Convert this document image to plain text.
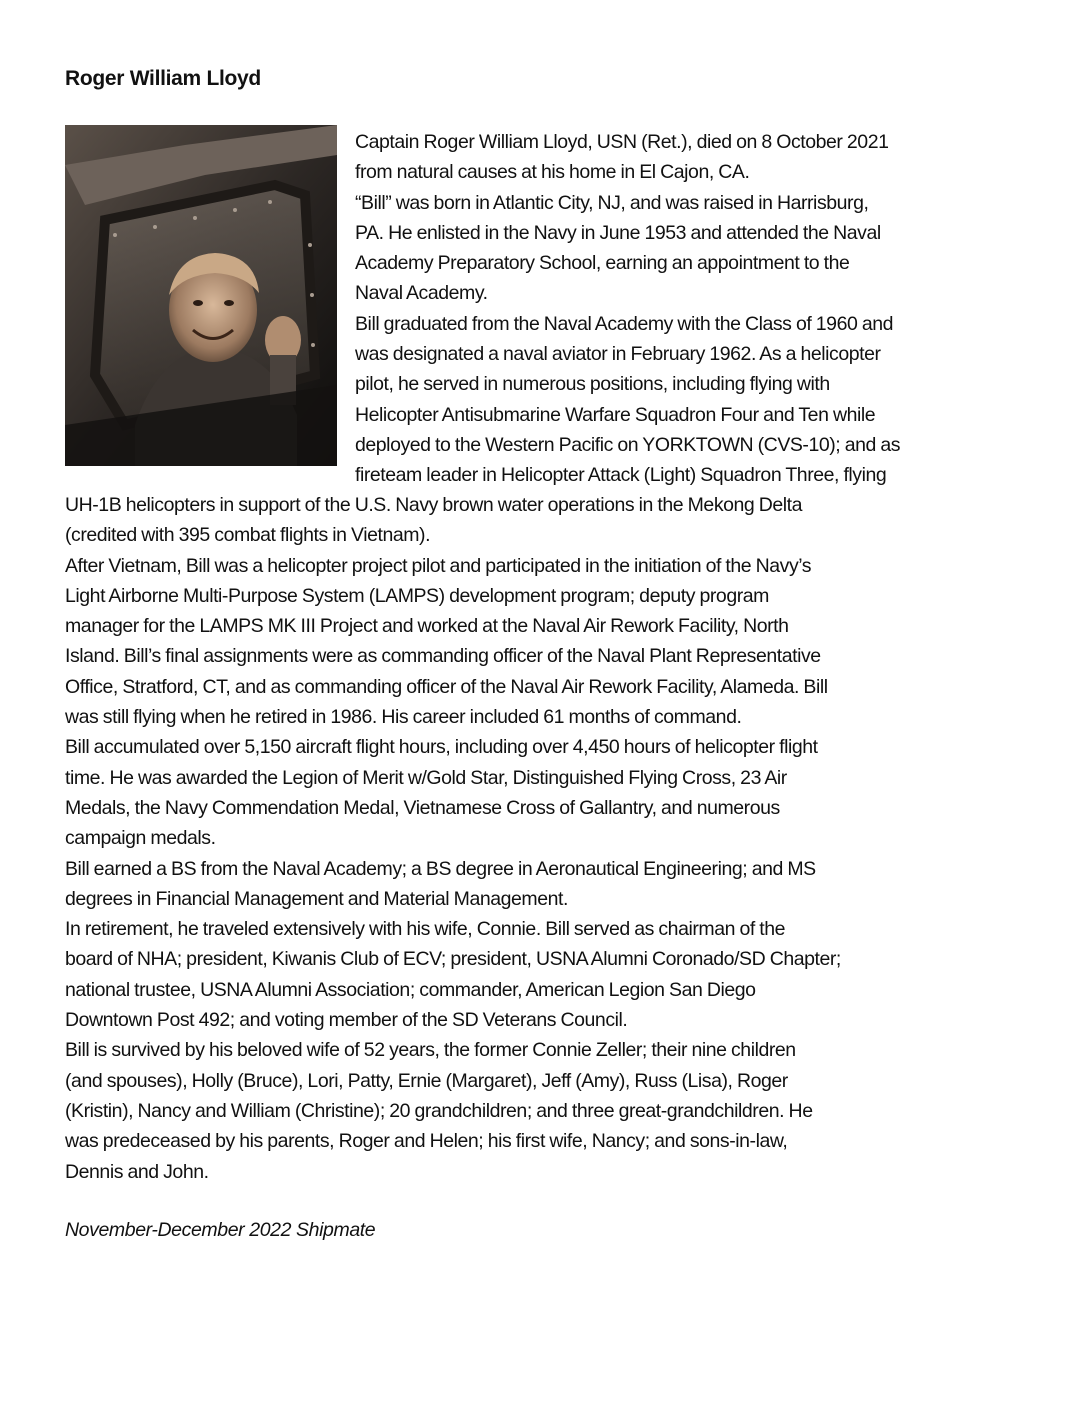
Roger William Lloyd

Captain Roger William Lloyd, USN (Ret.), died on 8 October 2021
from natural causes at his home in El Cajon, CA.
“Bill” was born in Atlantic City, NJ, and was raised in Harrisburg,
PA. He enlisted in the Navy in June 1953 and attended the Naval
Academy Preparatory School, earning an appointment to the
Naval Academy.
Bill graduated from the Naval Academy with the Class of 1960 and
was designated a naval aviator in February 1962. As a helicopter
pilot, he served in numerous positions, including flying with
Helicopter Antisubmarine Warfare Squadron Four and Ten while
deployed to the Western Pacific on YORKTOWN (CVS-10); and as
fireteam leader in Helicopter Attack (Light) Squadron Three, flying

UH-1B helicopters in support of the U.S. Navy brown water operations in the Mekong Delta
(credited with 395 combat flights in Vietnam).
After Vietnam, Bill was a helicopter project pilot and participated in the initiation of the Navy’s
Light Airborne Multi-Purpose System (LAMPS) development program; deputy program
manager for the LAMPS MK III Project and worked at the Naval Air Rework Facility, North
Island. Bill’s final assignments were as commanding officer of the Naval Plant Representative
Office, Stratford, CT, and as commanding officer of the Naval Air Rework Facility, Alameda. Bill
was still flying when he retired in 1986. His career included 61 months of command.
Bill accumulated over 5,150 aircraft flight hours, including over 4,450 hours of helicopter flight
time. He was awarded the Legion of Merit w/Gold Star, Distinguished Flying Cross, 23 Air
Medals, the Navy Commendation Medal, Vietnamese Cross of Gallantry, and numerous
campaign medals.
Bill earned a BS from the Naval Academy; a BS degree in Aeronautical Engineering; and MS
degrees in Financial Management and Material Management.
In retirement, he traveled extensively with his wife, Connie. Bill served as chairman of the
board of NHA; president, Kiwanis Club of ECV; president, USNA Alumni Coronado/SD Chapter;
national trustee, USNA Alumni Association; commander, American Legion San Diego
Downtown Post 492; and voting member of the SD Veterans Council.
Bill is survived by his beloved wife of 52 years, the former Connie Zeller; their nine children
(and spouses), Holly (Bruce), Lori, Patty, Ernie (Margaret), Jeff (Amy), Russ (Lisa), Roger
(Kristin), Nancy and William (Christine); 20 grandchildren; and three great-grandchildren. He
was predeceased by his parents, Roger and Helen; his first wife, Nancy; and sons-in-law,
Dennis and John.

November-December 2022 Shipmate
